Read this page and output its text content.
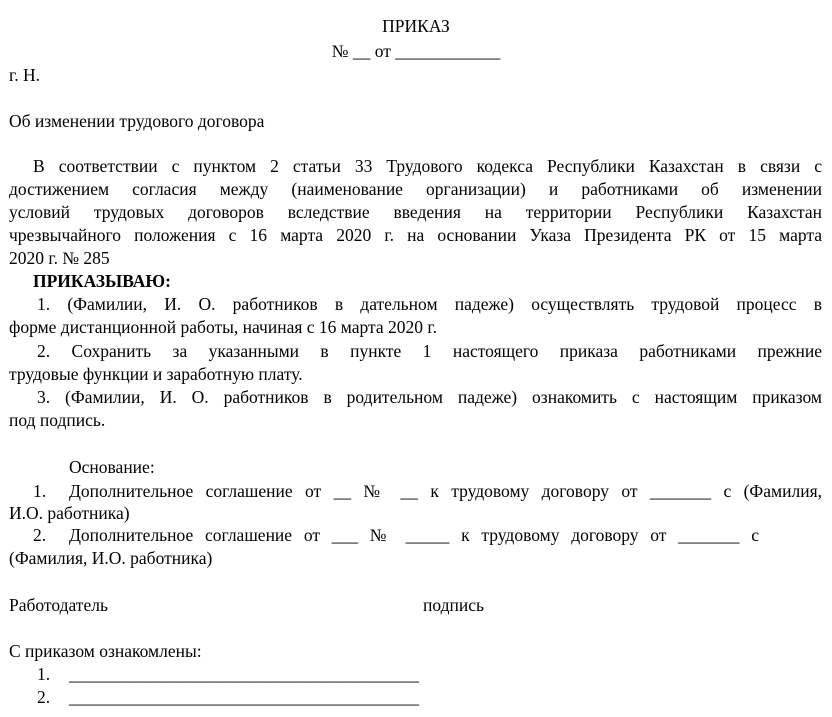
ПРИКАЗ
№ __ от ____________
г. Н.
Об изменении трудового договора
В соответствии с пунктом 2 статьи 33 Трудового кодекса Республики Казахстан в связи с
достижением согласия между (наименование организации) и работниками об изменении
условий трудовых договоров вследствие введения на территории Республики Казахстан
чрезвычайного положения с 16 марта 2020 г. на основании Указа Президента РК от 15 марта
2020 г. № 285
ПРИКАЗЫВАЮ:
1. (Фамилии, И. О. работников в дательном падеже) осуществлять трудовой процесс в
форме дистанционной работы, начиная с 16 марта 2020 г.
2. Сохранить за указанными в пункте 1 настоящего приказа работниками прежние
трудовые функции и заработную плату.
3. (Фамилии, И. О. работников в родительном падеже) ознакомить с настоящим приказом
под подпись.
Основание:
1. Дополнительное соглашение от __ № __ к трудовому договору от _______ с (Фамилия,
И.О. работника)
2. Дополнительное соглашение от ___ № _____ к трудовому договору от _______ с
(Фамилия, И.О. работника)
Работодатель	подпись
С приказом ознакомлены:
1. ________________________________________
2. ________________________________________
